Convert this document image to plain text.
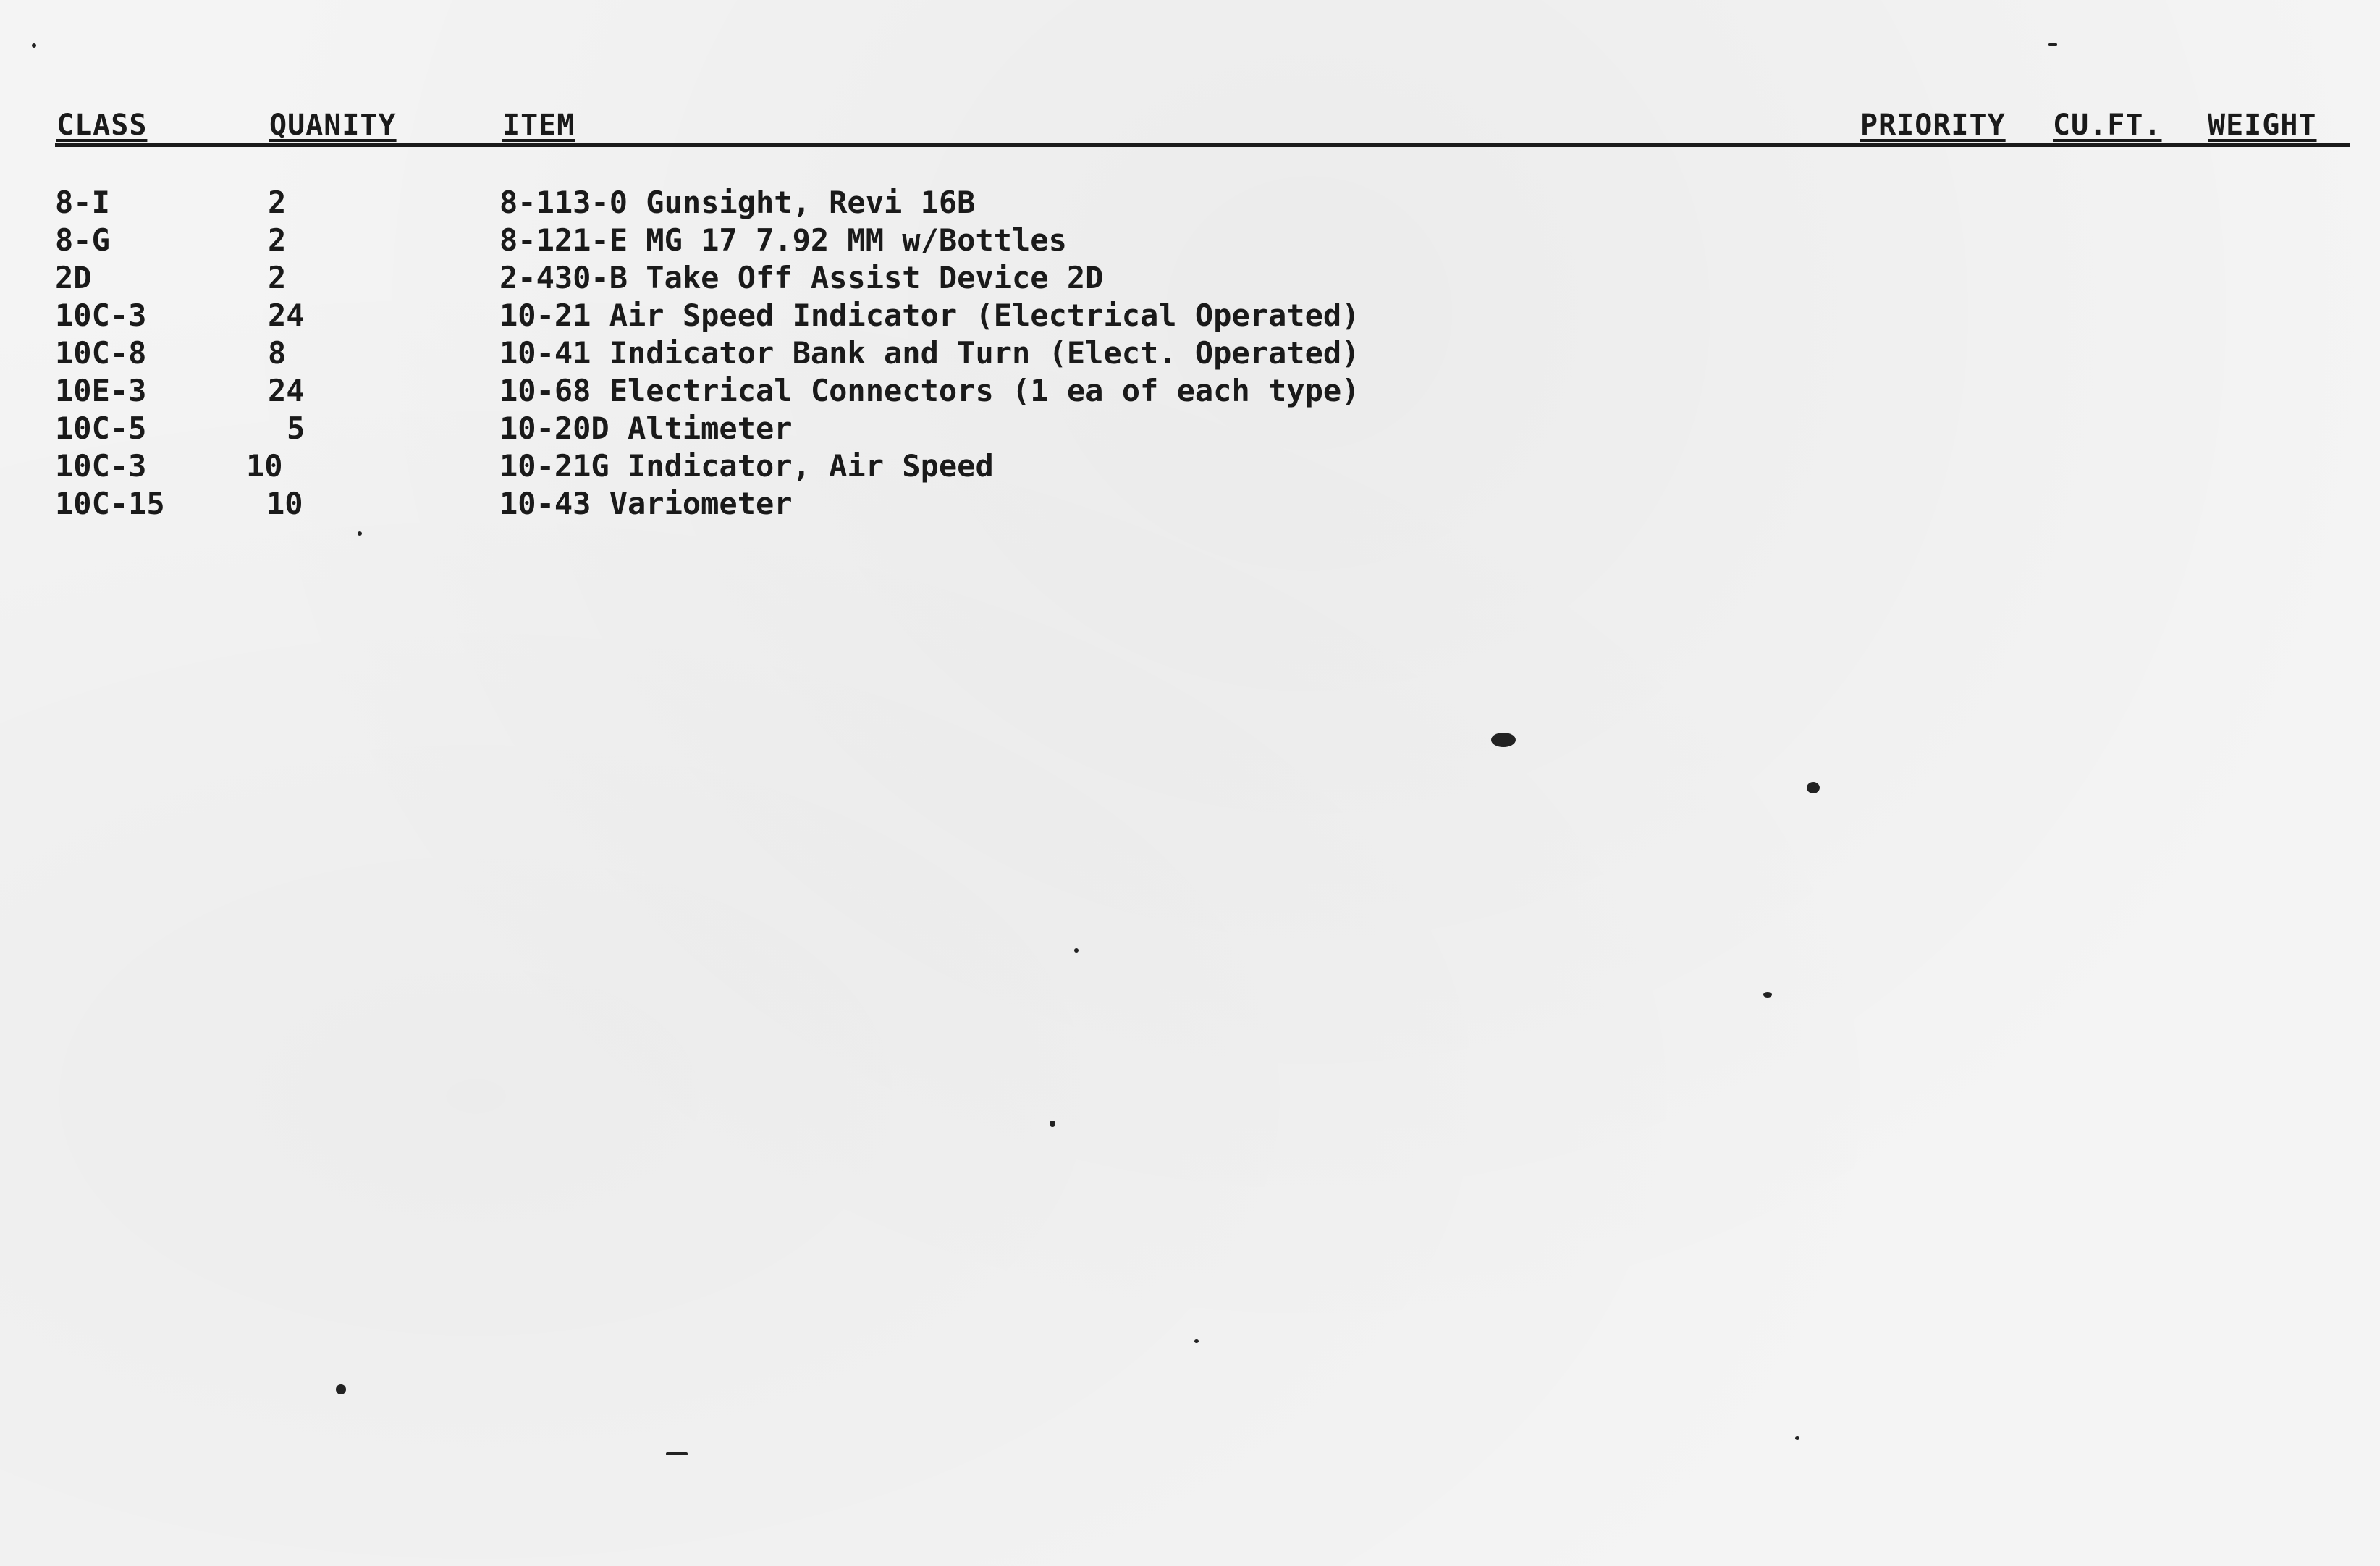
CLASS	QUANITY	ITEM	PRIORITY CU.FT. WEIGHT
8-I	2	8-113-0 Gunsight, Revi 16B
8-G	2	8-121-E MG 17 7.92 MM w/Bottles
2D	2	2-430-B Take Off Assist Device 2D
10C-3	24	10-21 Air Speed Indicator (Electrical Operated)
10C-8	8	10-41 Indicator Bank and Turn (Elect. Operated)
10E-3	24	10-68 Electrical Connectors (1 ea of each type)
10C-5	5	10-20D Altimeter
10C-3	10	10-21G Indicator, Air Speed
10C-15	10	10-43 Variometer
